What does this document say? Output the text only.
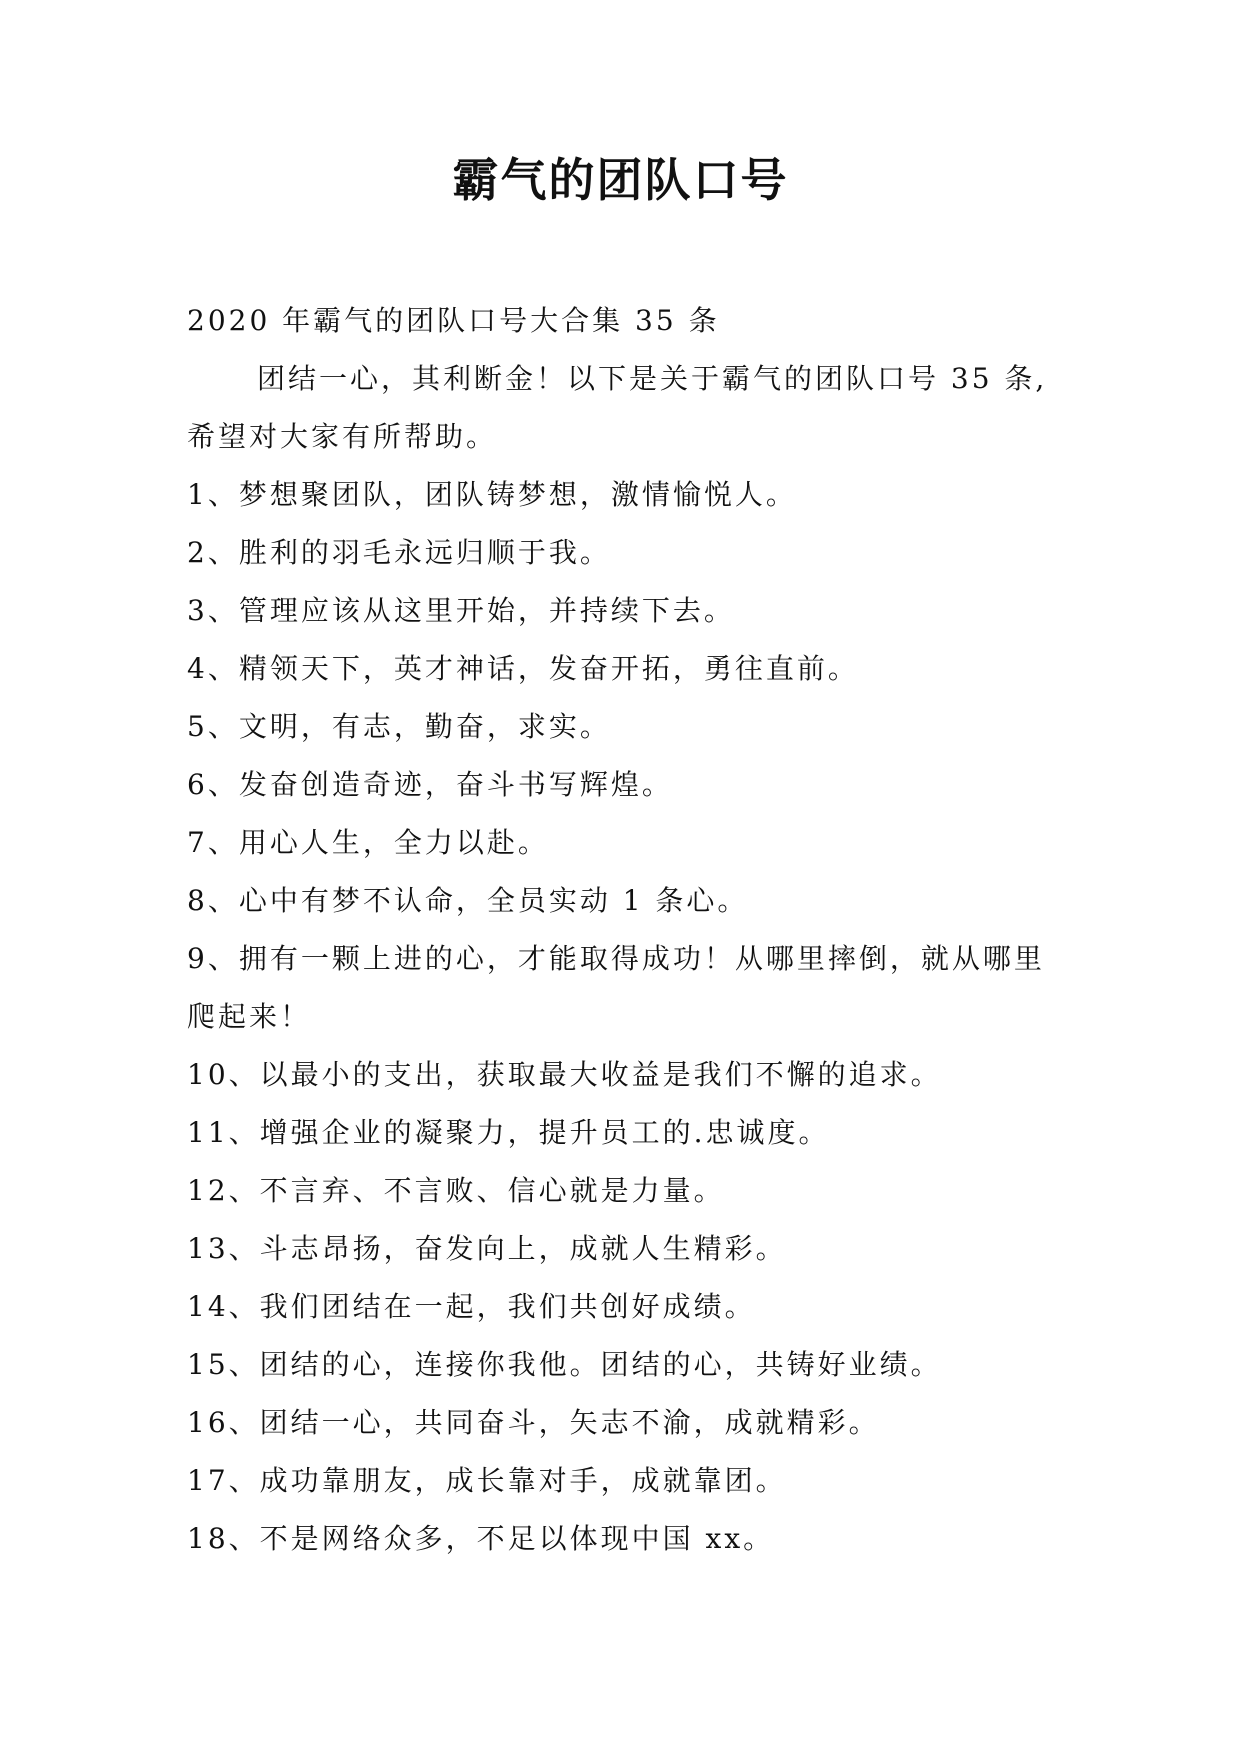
霸气的团队口号

2020 年霸气的团队口号大合集 35 条

团结一心，其利断金！以下是关于霸气的团队口号 35 条,希望对大家有所帮助。

1、梦想聚团队，团队铸梦想，激情愉悦人。

2、胜利的羽毛永远归顺于我。

3、管理应该从这里开始，并持续下去。

4、精领天下，英才神话，发奋开拓，勇往直前。

5、文明，有志，勤奋，求实。

6、发奋创造奇迹，奋斗书写辉煌。

7、用心人生，全力以赴。

8、心中有梦不认命，全员实动 1 条心。

9、拥有一颗上进的心，才能取得成功！从哪里摔倒，就从哪里爬起来！

10、以最小的支出，获取最大收益是我们不懈的追求。

11、增强企业的凝聚力，提升员工的.忠诚度。

12、不言弃、不言败、信心就是力量。

13、斗志昂扬，奋发向上，成就人生精彩。

14、我们团结在一起，我们共创好成绩。

15、团结的心，连接你我他。团结的心，共铸好业绩。

16、团结一心，共同奋斗，矢志不渝，成就精彩。

17、成功靠朋友，成长靠对手，成就靠团。

18、不是网络众多，不足以体现中国 xx。
